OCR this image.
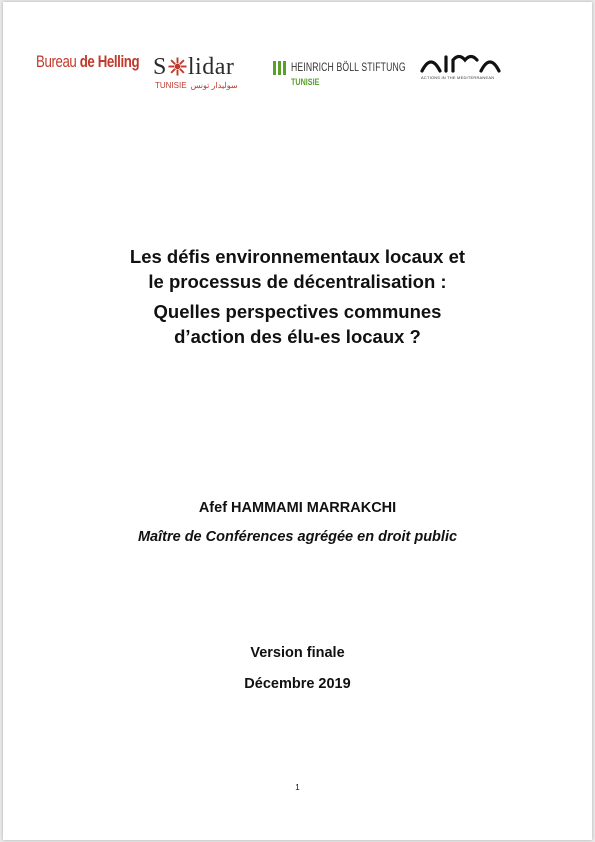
Bureau de Helling S lidar
TUNISIE سوليدار تونس
HEINRICH BÖLL STIFTUNG
TUNISIE	ACTIONS IN THE MEDITERRANEAN
Les défis environnementaux locaux et
le processus de décentralisation :
Quelles perspectives communes
d’action des élu-es locaux ?
Afef HAMMAMI MARRAKCHI
Maître de Conférences agrégée en droit public
Version finale
Décembre 2019
1
